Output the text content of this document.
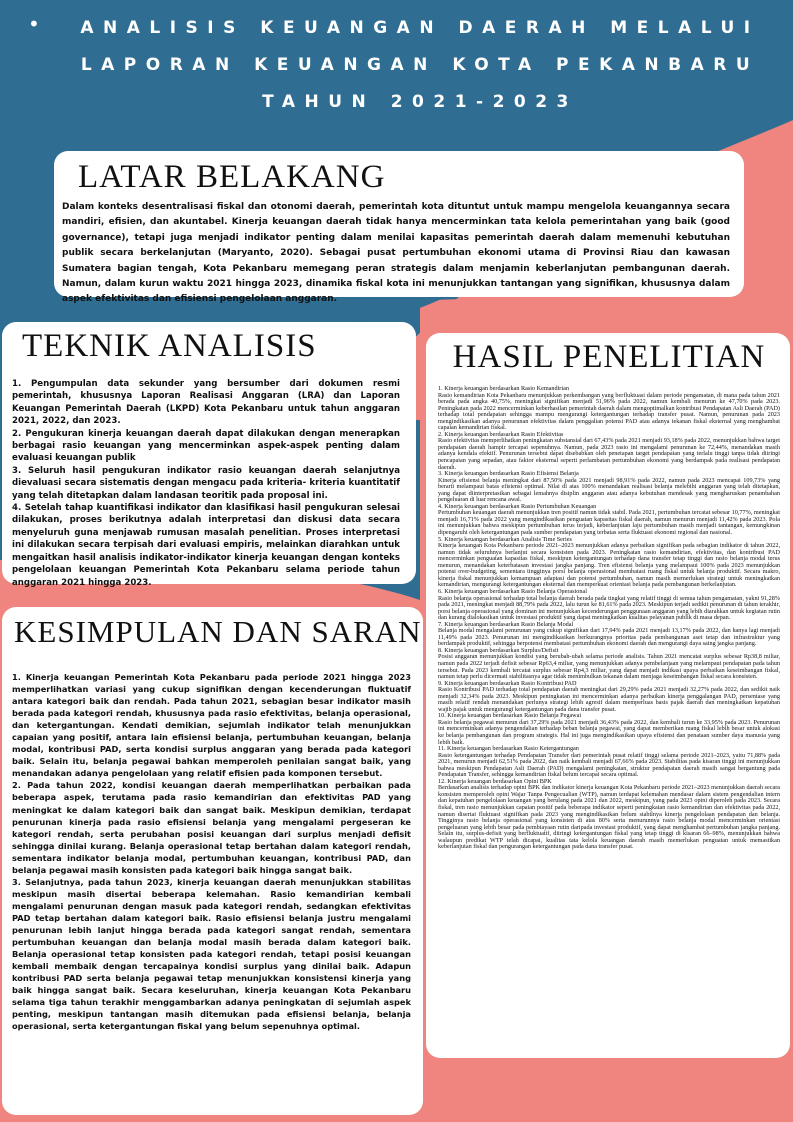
•	ANALISIS KEUANGAN DAERAH MELALUI LAPORAN KEUANGAN KOTA PEKANBARU TAHUN 2021-2023
LATAR BELAKANG
Dalam konteks desentralisasi fiskal dan otonomi daerah, pemerintah kota dituntut untuk mampu mengelola keuangannya secara mandiri, efisien, dan akuntabel. Kinerja keuangan daerah tidak hanya mencerminkan tata kelola pemerintahan yang baik (good governance), tetapi juga menjadi indikator penting dalam menilai kapasitas pemerintah daerah dalam memenuhi kebutuhan publik secara berkelanjutan (Maryanto, 2020). Sebagai pusat pertumbuhan ekonomi utama di Provinsi Riau dan kawasan Sumatera bagian tengah, Kota Pekanbaru memegang peran strategis dalam menjamin keberlanjutan pembangunan daerah. Namun, dalam kurun waktu 2021 hingga 2023, dinamika fiskal kota ini menunjukkan tantangan yang signifikan, khususnya dalam aspek efektivitas dan efisiensi pengelolaan anggaran.
TEKNIK ANALISIS

1. Pengumpulan data sekunder yang bersumber dari dokumen resmi pemerintah, khususnya Laporan Realisasi Anggaran (LRA) dan Laporan Keuangan Pemerintah Daerah (LKPD) Kota Pekanbaru untuk tahun anggaran 2021, 2022, dan 2023.

2. Pengukuran kinerja keuangan daerah dapat dilakukan dengan menerapkan berbagai rasio keuangan yang mencerminkan aspek-aspek penting dalam evaluasi keuangan publik

3. Seluruh hasil pengukuran indikator rasio keuangan daerah selanjutnya dievaluasi secara sistematis dengan mengacu pada kriteria- kriteria kuantitatif yang telah ditetapkan dalam landasan teoritik pada proposal ini.

4. Setelah tahap kuantifikasi indikator dan klasifikasi hasil pengukuran selesai dilakukan, proses berikutnya adalah interpretasi dan diskusi data secara menyeluruh guna menjawab rumusan masalah penelitian. Proses interpretasi ini dilakukan secara terpisah dari evaluasi empiris, melainkan diarahkan untuk mengaitkan hasil analisis indikator-indikator kinerja keuangan dengan konteks pengelolaan keuangan Pemerintah Kota Pekanbaru selama periode tahun anggaran 2021 hingga 2023.

HASIL PENELITIAN

1. Kinerja keuangan berdasarkan Rasio Kemandirian

Rasio kemandirian Kota Pekanbaru menunjukkan perkembangan yang berfluktuasi dalam periode pengamatan, di mana pada tahun 2021 berada pada angka 40,75%, meningkat signifikan menjadi 51,96% pada 2022, namun kembali menurun ke 47,70% pada 2023. Peningkatan pada 2022 mencerminkan keberhasilan pemerintah daerah dalam mengoptimalkan kontribusi Pendapatan Asli Daerah (PAD) terhadap total pendapatan sehingga mampu mengurangi ketergantungan terhadap transfer pusat. Namun, penurunan pada 2023 mengindikasikan adanya penurunan efektivitas dalam penggalian potensi PAD atau adanya tekanan fiskal eksternal yang menghambat capaian kemandirian fiskal.

2. Kinerja keuangan berdasarkan Rasio Efektivitas

Rasio efektivitas memperlihatkan peningkatan substansial dari 67,43% pada 2021 menjadi 93,18% pada 2022, menunjukkan bahwa target pendapatan daerah hampir tercapai sepenuhnya. Namun, pada 2023 rasio ini mengalami penurunan ke 72,44%, menandakan masih adanya kendala efektif. Penurunan tersebut dapat disebabkan oleh penetapan target pendapatan yang terlalu tinggi tanpa tidak diiringi pencapaian yang sepadan, atau faktor eksternal seperti perlambatan pertumbuhan ekonomi yang berdampak pada realisasi pendapatan daerah.

3. Kinerja keuangan berdasarkan Rasio Efisiensi Belanja

Kinerja efisiensi belanja meningkat dari 87,50% pada 2021 menjadi 98,91% pada 2022, namun pada 2023 mencapai 109,73% yang berarti melampaui batas efisiensi optimal. Nilai di atas 100% menandakan realisasi belanja melebihi anggaran yang telah ditetapkan, yang dapat diinterpretasikan sebagai lemahnya disiplin anggaran atau adanya kebutuhan mendesak yang mengharuskan penambahan pengeluaran di luar rencana awal.

4. Kinerja keuangan berdasarkan Rasio Pertumbuhan Keuangan

Pertumbuhan keuangan daerah menunjukkan tren positif namun tidak stabil. Pada 2021, pertumbuhan tercatat sebesar 10,77%, meningkat menjadi 16,71% pada 2022 yang mengindikasikan penguatan kapasitas fiskal daerah, namun menurun menjadi 11,42% pada 2023. Pola ini menunjukkan bahwa meskipun pertumbuhan terus terjadi, keberlanjutan laju pertumbuhan masih menjadi tantangan, kemungkinan dipengaruhi oleh ketergantungan pada sumber pendapatan yang terbatas serta fluktuasi ekonomi regional dan nasional.

5. Kinerja keuangan berdasarkan Analisis Time Series

Kinerja keuangan Kota Pekanbaru periode 2021–2023 menunjukkan adanya perbaikan signifikan pada sebagian indikator di tahun 2022, namun tidak seluruhnya berlanjut secara konsisten pada 2023. Peningkatan rasio kemandirian, efektivitas, dan kontribusi PAD mencerminkan penguatan kapasitas fiskal, meskipun ketergantungan terhadap dana transfer tetap tinggi dan rasio belanja modal terus menurun, menandakan keterbatasan investasi jangka panjang. Tren efisiensi belanja yang melampaui 100% pada 2023 menunjukkan potensi over-budgeting, sementara tingginya porsi belanja operasional membatasi ruang fiskal untuk belanja produktif. Secara makro, kinerja fiskal menunjukkan kemampuan adaptasi dan potensi pertumbuhan, namun masih memerlukan strategi untuk meningkatkan kemandirian, mengurangi ketergantungan eksternal dan memperkuat orientasi belanja pada pembangunan berkelanjutan.

6. Kinerja keuangan berdasarkan Rasio Belanja Operasional

Rasio belanja operasional terhadap total belanja daerah berada pada tingkat yang relatif tinggi di semua tahun pengamatan, yakni 91,28% pada 2021, meningkat menjadi 88,79% pada 2022, lalu turun ke 81,61% pada 2023. Meskipun terjadi sedikit penurunan di tahun terakhir, porsi belanja operasional yang dominan ini menunjukkan kecenderungan penggunaan anggaran yang lebih diarahkan untuk kegiatan rutin dan kurang dialokasikan untuk investasi produktif yang dapat meningkatkan kualitas pelayanan publik di masa depan.

7. Kinerja keuangan berdasarkan Rasio Belanja Modal

Belanja modal mengalami penurunan yang cukup signifikan dari 17,94% pada 2021 menjadi 13,17% pada 2022, dan hanya lagi menjadi 11,49% pada 2023. Penurunan ini mengindikasikan berkurangnya prioritas pada pembangunan aset tetap dan infrastruktur yang berdampak produktif, sehingga berpotensi membatasi pertumbuhan ekonomi daerah dan mengurangi daya saing jangka panjang.

8. Kinerja keuangan berdasarkan Surplus/Defisit

Posisi anggaran menunjukkan kondisi yang berubah-ubah selama periode analisis. Tahun 2021 mencatat surplus sebesar Rp38,8 miliar, namun pada 2022 terjadi defisit sebesar Rp63,4 miliar, yang menunjukkan adanya pembelanjaan yang melampaui pendapatan pada tahun tersebut. Pada 2023 kembali tercatat surplus sebesar Rp4,3 miliar, yang dapat menjadi indikasi upaya perbaikan keseimbangan fiskal, namun tetap perlu dicermati stabilitasnya agar tidak menimbulkan tekanan dalam menjaga keseimbangan fiskal secara konsisten.

9. Kinerja keuangan berdasarkan Rasio Kontribusi PAD

Rasio Kontribusi PAD terhadap total pendapatan daerah meningkat dari 29,29% pada 2021 menjadi 32,27% pada 2022, dan sedikit naik menjadi 32,34% pada 2023. Meskipun peningkatan ini mencerminkan adanya perbaikan kinerja penggalangan PAD, persentase yang masih relatif rendah menandakan perlunya strategi lebih agresif dalam memperluas basis pajak daerah dan meningkatkan kepatuhan wajib pajak untuk mengurangi ketergantungan pada dana transfer pusat.

10. Kinerja keuangan berdasarkan Rasio Belanja Pegawai

Rasio belanja pegawai menurun dari 37,29% pada 2021 menjadi 36,43% pada 2022, dan kembali turun ke 33,95% pada 2023. Penurunan ini mencerminkan adanya pengendalian terhadap beban belanja pegawai, yang dapat memberikan ruang fiskal lebih besar untuk alokasi ke belanja pembangunan dan program strategis. Hal ini juga mengindikasikan upaya efisiensi dan penataan sumber daya manusia yang lebih baik.

11. Kinerja keuangan berdasarkan Rasio Ketergantungan

Rasio ketergantungan terhadap Pendapatan Transfer dari pemerintah pusat relatif tinggi selama periode 2021–2023, yaitu 71,88% pada 2021, menurun menjadi 62,51% pada 2022, dan naik kembali menjadi 67,66% pada 2023. Stabilitas pada kisaran tinggi ini menunjukkan bahwa meskipun Pendapatan Asli Daerah (PAD) mengalami peningkatan, struktur pendapatan daerah masih sangat bergantung pada Pendapatan Transfer, sehingga kemandirian fiskal belum tercapai secara optimal.

12. Kinerja keuangan berdasarkan Opini BPK

Berdasarkan analisis terhadap opini BPK dan indikator kinerja keuangan Kota Pekanbaru periode 2021–2023 menunjukkan daerah secara konsisten memperoleh opini Wajar Tanpa Pengecualian (WTP), namun terdapat kelemahan mendasar dalam sistem pengendalian intern dan kepatuhan pengelolaan keuangan yang berulang pada 2021 dan 2022, meskipun, yang pada 2023 opini diperoleh pada 2023. Secara fiskal, tren rasio menunjukkan capaian positif pada beberapa indikator seperti peningkatan rasio kemandirian dan efektivitas pada 2022, namun disertai fluktuasi signifikan pada 2023 yang mengindikasikan belum stabilnya kinerja pengelolaan pendapatan dan belanja. Tingginya rasio belanja operasional yang konsisten di atas 80% serta menurunnya rasio belanja modal mencerminkan orientasi pengeluaran yang lebih besar pada pembiayaan rutin daripada investasi produktif, yang dapat menghambat pertumbuhan jangka panjang. Selain itu, surplus-defisit yang berfluktuatif, diiringi ketergantungan fiskal yang tetap tinggi di kisaran 66–98%, menunjukkan bahwa walaupun predikat WTP telah dicapai, kualitas tata kelola keuangan daerah masih memerlukan penguatan untuk memastikan keberlanjutan fiskal dan pengurangan ketergantungan pada dana transfer pusat.

KESIMPULAN DAN SARAN

1. Kinerja keuangan Pemerintah Kota Pekanbaru pada periode 2021 hingga 2023 memperlihatkan variasi yang cukup signifikan dengan kecenderungan fluktuatif antara kategori baik dan rendah. Pada tahun 2021, sebagian besar indikator masih berada pada kategori rendah, khususnya pada rasio efektivitas, belanja operasional, dan ketergantungan. Kendati demikian, sejumlah indikator telah menunjukkan capaian yang positif, antara lain efisiensi belanja, pertumbuhan keuangan, belanja modal, kontribusi PAD, serta kondisi surplus anggaran yang berada pada kategori baik. Selain itu, belanja pegawai bahkan memperoleh penilaian sangat baik, yang menandakan adanya pengelolaan yang relatif efisien pada komponen tersebut.

2. Pada tahun 2022, kondisi keuangan daerah memperlihatkan perbaikan pada beberapa aspek, terutama pada rasio kemandirian dan efektivitas PAD yang meningkat ke dalam kategori baik dan sangat baik. Meskipun demikian, terdapat penurunan kinerja pada rasio efisiensi belanja yang mengalami pergeseran ke kategori rendah, serta perubahan posisi keuangan dari surplus menjadi defisit sehingga dinilai kurang. Belanja operasional tetap bertahan dalam kategori rendah, sementara indikator belanja modal, pertumbuhan keuangan, kontribusi PAD, dan belanja pegawai masih konsisten pada kategori baik hingga sangat baik.

3. Selanjutnya, pada tahun 2023, kinerja keuangan daerah menunjukkan stabilitas meskipun masih disertai beberapa kelemahan. Rasio kemandirian kembali mengalami penurunan dengan masuk pada kategori rendah, sedangkan efektivitas PAD tetap bertahan dalam kategori baik. Rasio efisiensi belanja justru mengalami penurunan lebih lanjut hingga berada pada kategori sangat rendah, sementara pertumbuhan keuangan dan belanja modal masih berada dalam kategori baik. Belanja operasional tetap konsisten pada kategori rendah, tetapi posisi keuangan kembali membaik dengan tercapainya kondisi surplus yang dinilai baik. Adapun kontribusi PAD serta belanja pegawai tetap menunjukkan konsistensi kinerja yang baik hingga sangat baik. Secara keseluruhan, kinerja keuangan Kota Pekanbaru selama tiga tahun terakhir menggambarkan adanya peningkatan di sejumlah aspek penting, meskipun tantangan masih ditemukan pada efisiensi belanja, belanja operasional, serta ketergantungan fiskal yang belum sepenuhnya optimal.
